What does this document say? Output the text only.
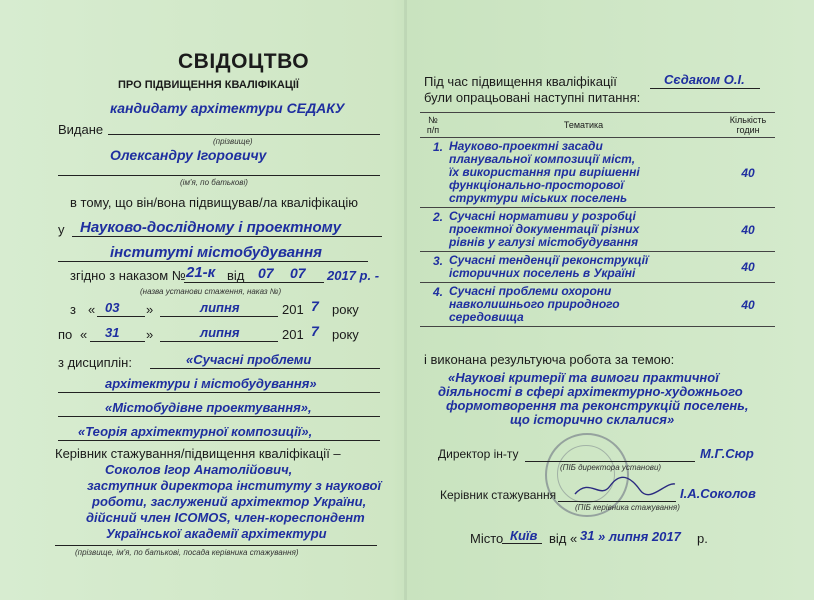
СВІДОЦТВО
ПРО ПІДВИЩЕННЯ КВАЛІФІКАЦІЇ
кандидату архітектури СЕДАКУ
Видане
(прізвище)
Олександру Ігоровичу
(ім'я, по батькові)
в тому, що він/вона підвищував/ла кваліфікацію
у Науково-дослідному і проектному
інституті містобудування
згідно з наказом № 21-к від 07 07 2017 р. -
(назва установи стаження, наказ №)
з « 03 »	липня	201 7 року
по « 31 »	липня	201 7 року
з дисциплін:	«Сучасні проблеми
архітектури і містобудування»
«Містобудівне проектування»,
«Теорія архітектурної композиції»,
Керівник стажування/підвищення кваліфікації –
Соколов Ігор Анатолійович,
заступник директора інституту з наукової
роботи, заслужений архітектор України,
дійсний член ICOMOS, член-кореспондент
Української академії архітектури
(прізвище, ім'я, по батькові, посада керівника стажування)
Під час підвищення кваліфікації	Сєдаком О.І.
були опрацьовані наступні питання:
№
п/п	Тематика	Кількість
годин
1.	Науково-проектні засади
планувальної композиції міст,
їх використання при вирішенні
функціонально-просторової
структури міських поселень	40
2.	Сучасні нормативи у розробці
проектної документації різних
рівнів у галузі містобудування	40
3.	Сучасні тенденції реконструкції
історичних поселень в Україні	40
4.	Сучасні проблеми охорони
навколишнього природного
середовища	40
і виконана результуюча робота за темою:
«Наукові критерії та вимоги практичної
діяльності в сфері архітектурно-художнього
формотворення та реконструкцій поселень,
що історично склалися»
Директор ін-ту	М.Г.Сюр
(ПІБ директора установи)
Керівник стажування	І.А.Соколов
(ПІБ керівника стажування)
Місто Київ від « 31 » липня 2017 р.
